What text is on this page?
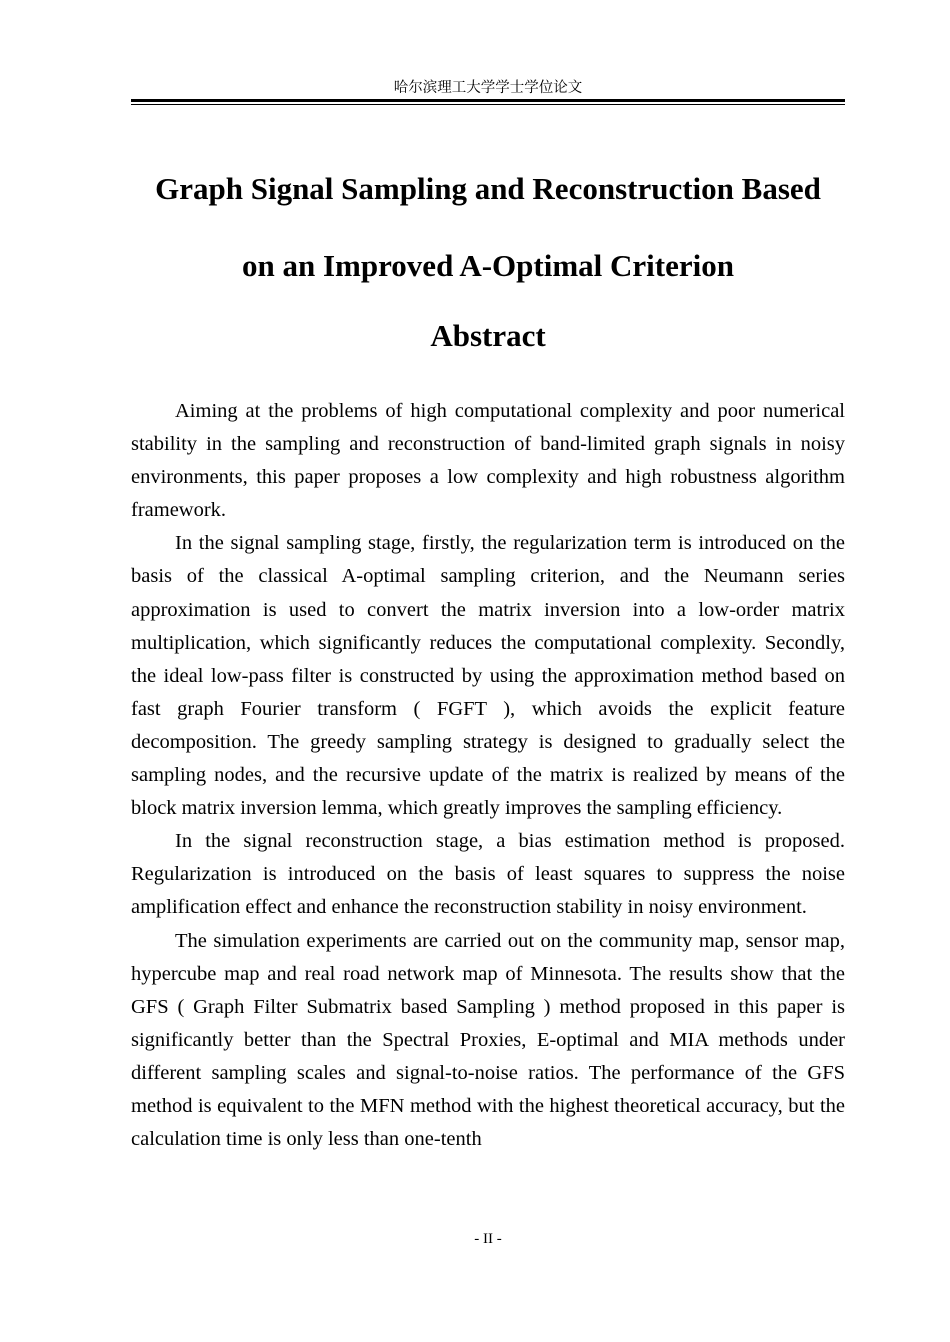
哈尔滨理工大学学士学位论文
Graph Signal Sampling and Reconstruction Based
on an Improved A-Optimal Criterion
Abstract

Aiming at the problems of high computational complexity and poor numerical stability in the sampling and reconstruction of band-limited graph signals in noisy environments, this paper proposes a low complexity and high robustness algorithm framework.

In the signal sampling stage, firstly, the regularization term is introduced on the basis of the classical A-optimal sampling criterion, and the Neumann series approximation is used to convert the matrix inversion into a low-order matrix multiplication, which significantly reduces the computational complexity. Secondly, the ideal low-pass filter is constructed by using the approximation method based on fast graph Fourier transform ( FGFT ), which avoids the explicit feature decomposition. The greedy sampling strategy is designed to gradually select the sampling nodes, and the recursive update of the matrix is realized by means of the block matrix inversion lemma, which greatly improves the sampling efficiency.

In the signal reconstruction stage, a bias estimation method is proposed. Regularization is introduced on the basis of least squares to suppress the noise amplification effect and enhance the reconstruction stability in noisy environment.

The simulation experiments are carried out on the community map, sensor map, hypercube map and real road network map of Minnesota. The results show that the GFS ( Graph Filter Submatrix based Sampling ) method proposed in this paper is significantly better than the Spectral Proxies, E-optimal and MIA methods under different sampling scales and signal-to-noise ratios. The performance of the GFS method is equivalent to the MFN method with the highest theoretical accuracy, but the calculation time is only less than one-tenth

- II -
